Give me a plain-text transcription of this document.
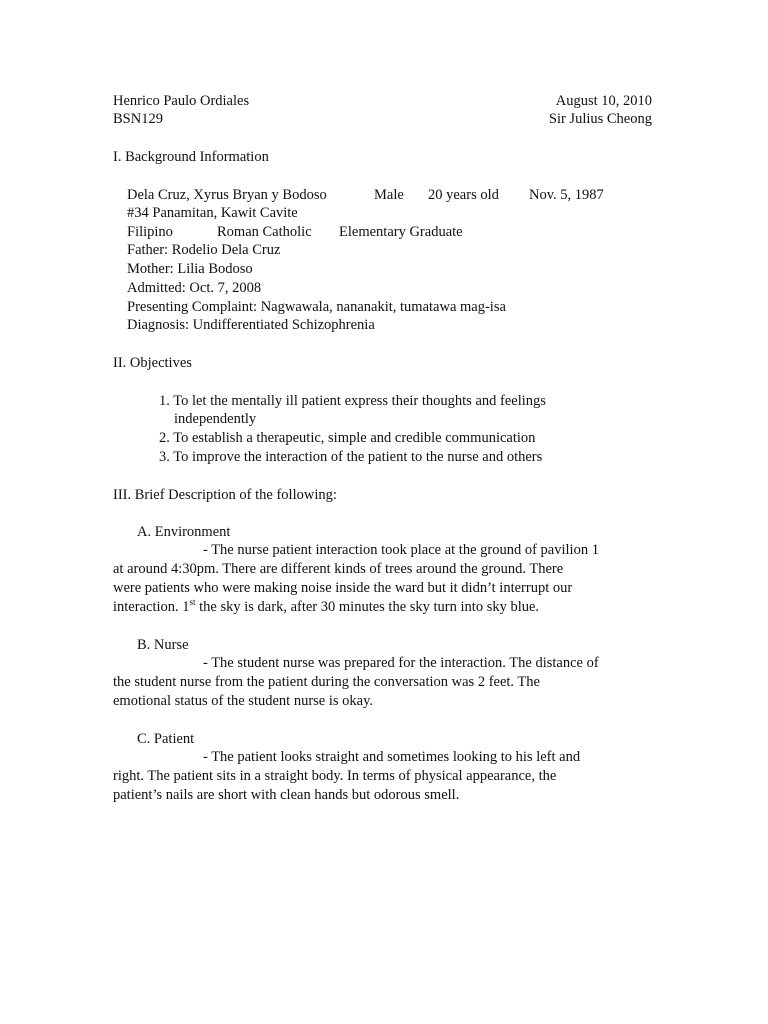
Henrico Paulo Ordiales	August 10, 2010
BSN129	Sir Julius Cheong
I. Background Information
Dela Cruz, Xyrus Bryan y Bodoso	Male 20 years old Nov. 5, 1987
#34 Panamitan, Kawit Cavite
Filipino	Roman Catholic Elementary Graduate
Father: Rodelio Dela Cruz
Mother: Lilia Bodoso
Admitted: Oct. 7, 2008
Presenting Complaint: Nagwawala, nananakit, tumatawa mag-isa
Diagnosis: Undifferentiated Schizophrenia
II. Objectives
1. To let the mentally ill patient express their thoughts and feelings
independently
2. To establish a therapeutic, simple and credible communication
3. To improve the interaction of the patient to the nurse and others
III. Brief Description of the following:
A. Environment
- The nurse patient interaction took place at the ground of pavilion 1
at around 4:30pm. There are different kinds of trees around the ground. There
were patients who were making noise inside the ward but it didn’t interrupt our
interaction. 1st the sky is dark, after 30 minutes the sky turn into sky blue.
B. Nurse
- The student nurse was prepared for the interaction. The distance of
the student nurse from the patient during the conversation was 2 feet. The
emotional status of the student nurse is okay.
C. Patient
- The patient looks straight and sometimes looking to his left and
right. The patient sits in a straight body. In terms of physical appearance, the
patient’s nails are short with clean hands but odorous smell.
